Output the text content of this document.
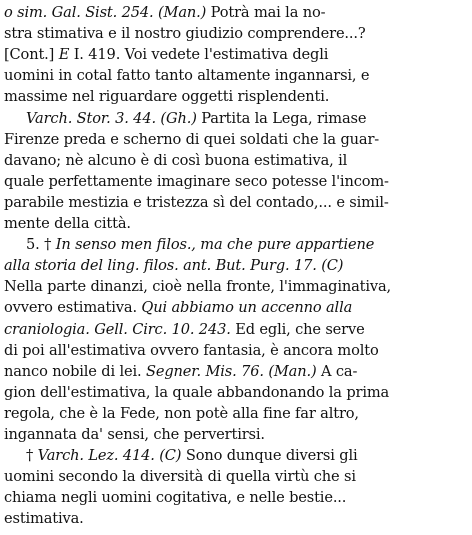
o sim. Gal. Sist. 254. (Man.) Potrà mai la no-
stra stimativa e il nostro giudizio comprendere...?
[Cont.] E I. 419. Voi vedete l'estimativa degli
uomini in cotal fatto tanto altamente ingannarsi, e
massime nel riguardare oggetti risplendenti.
Varch. Stor. 3. 44. (Gh.) Partita la Lega, rimase
Firenze preda e scherno di quei soldati che la guar-
davano; nè alcuno è di così buona estimativa, il
quale perfettamente imaginare seco potesse l'incom-
parabile mestizia e tristezza sì del contado,... e simil-
mente della città.
5. † In senso men filos., ma che pure appartiene
alla storia del ling. filos. ant. But. Purg. 17. (C)
Nella parte dinanzi, cioè nella fronte, l'immaginativa,
ovvero estimativa. Qui abbiamo un accenno alla
craniologia. Gell. Circ. 10. 243. Ed egli, che serve
di poi all'estimativa ovvero fantasia, è ancora molto
nanco nobile di lei. Segner. Mis. 76. (Man.) A ca-
gion dell'estimativa, la quale abbandonando la prima
regola, che è la Fede, non potè alla fine far altro,
ingannata da' sensi, che pervertirsi.
† Varch. Lez. 414. (C) Sono dunque diversi gli
uomini secondo la diversità di quella virtù che si
chiama negli uomini cogitativa, e nelle bestie...
estimativa.
